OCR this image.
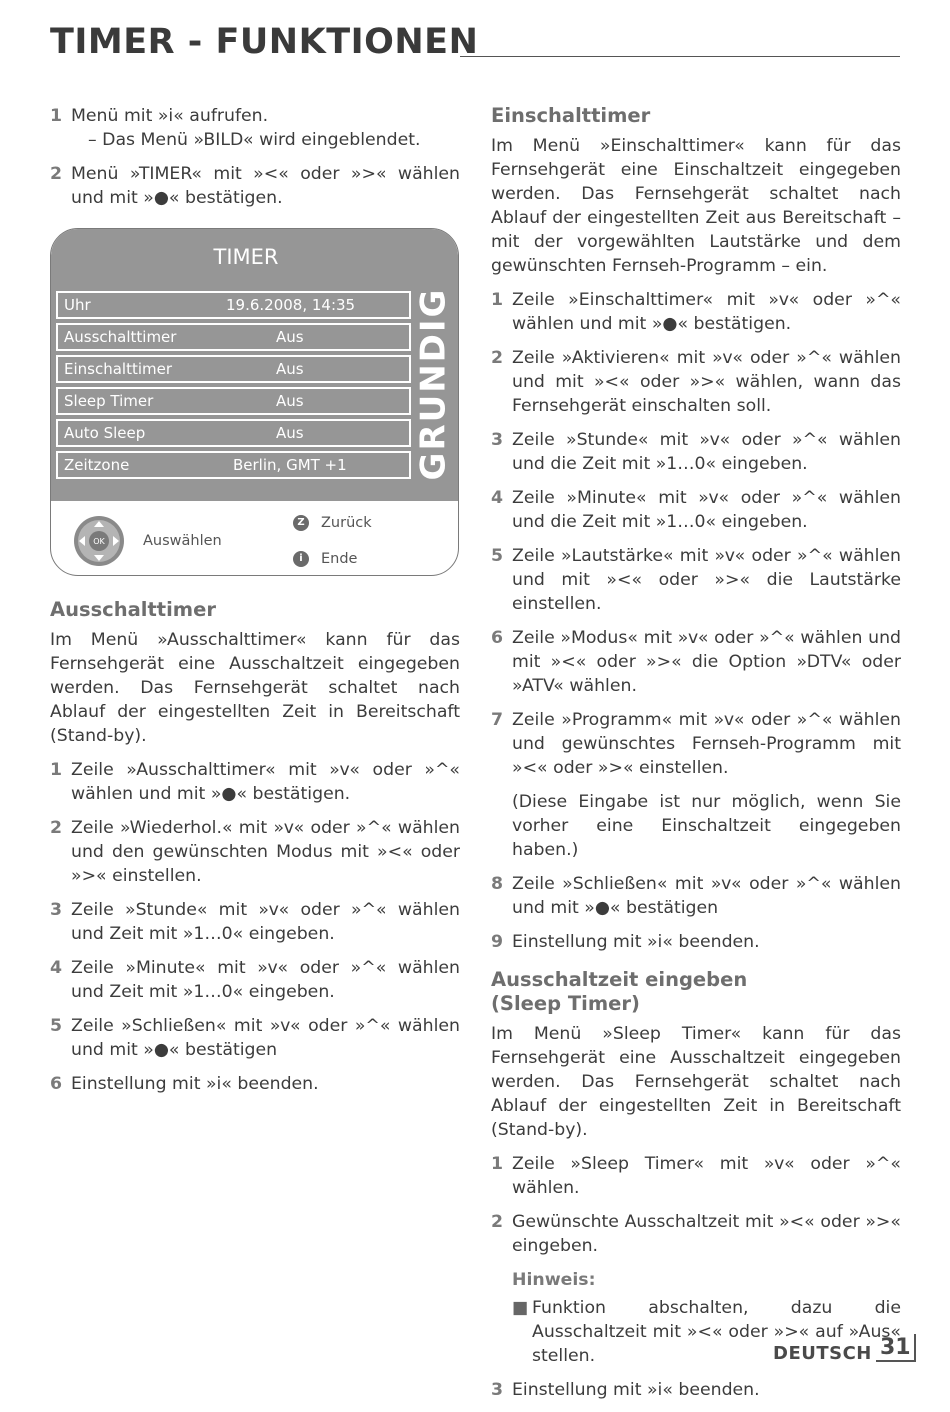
TIMER - FUNKTIONEN
1 Menü mit »i« aufrufen.
– Das Menü »BILD« wird eingeblendet.
2 Menü »TIMER« mit »<« oder »>« wählen und mit »●« bestätigen.
TIMER
Uhr	19.6.2008, 14:35
Ausschalttimer	Aus
Einschalttimer	Aus
Sleep Timer	Aus
Auto Sleep	Aus
Zeitzone	Berlin, GMT +1 GRUNDIG
OK	Auswählen
Z Zurück
i Ende
Ausschalttimer

Im Menü »Ausschalttimer« kann für das Fernsehgerät eine Ausschaltzeit eingegeben werden. Das Fernsehgerät schaltet nach Ablauf der eingestellten Zeit in Bereitschaft (Stand-by).

1 Zeile »Ausschalttimer« mit »v« oder »^« wählen und mit »●« bestätigen.
2 Zeile »Wiederhol.« mit »v« oder »^« wählen und den gewünschten Modus mit »<« oder »>« einstellen.
3 Zeile »Stunde« mit »v« oder »^« wählen und Zeit mit »1…0« eingeben.
4 Zeile »Minute« mit »v« oder »^« wählen und Zeit mit »1…0« eingeben.
5 Zeile »Schließen« mit »v« oder »^« wählen und mit »●« bestätigen
6 Einstellung mit »i« beenden.
Einschalttimer

Im Menü »Einschalttimer« kann für das Fernsehgerät eine Einschaltzeit eingegeben werden. Das Fernsehgerät schaltet nach Ablauf der eingestellten Zeit aus Bereitschaft – mit der vorgewählten Lautstärke und dem gewünschten Fernseh-Programm – ein.

1 Zeile »Einschalttimer« mit »v« oder »^« wählen und mit »●« bestätigen.
2 Zeile »Aktivieren« mit »v« oder »^« wählen und mit »<« oder »>« wählen, wann das Fernsehgerät einschalten soll.
3 Zeile »Stunde« mit »v« oder »^« wählen und die Zeit mit »1…0« eingeben.
4 Zeile »Minute« mit »v« oder »^« wählen und die Zeit mit »1…0« eingeben.
5 Zeile »Lautstärke« mit »v« oder »^« wählen und mit »<« oder »>« die Lautstärke einstellen.
6 Zeile »Modus« mit »v« oder »^« wählen und mit »<« oder »>« die Option »DTV« oder »ATV« wählen.
7 Zeile »Programm« mit »v« oder »^« wählen und gewünschtes Fernseh-Programm mit »<« oder »>« einstellen.

(Diese Eingabe ist nur möglich, wenn Sie vorher eine Einschaltzeit eingegeben haben.)

8 Zeile »Schließen« mit »v« oder »^« wählen und mit »●« bestätigen
9 Einstellung mit »i« beenden.
Ausschaltzeit eingeben
(Sleep Timer)

Im Menü »Sleep Timer« kann für das Fernsehgerät eine Ausschaltzeit eingegeben werden. Das Fernsehgerät schaltet nach Ablauf der eingestellten Zeit in Bereitschaft (Stand-by).

1 Zeile »Sleep Timer« mit »v« oder »^« wählen.
2 Gewünschte Ausschaltzeit mit »<« oder »>« eingeben.
Hinweis:
■ Funktion abschalten, dazu die Ausschaltzeit mit »<« oder »>« auf »Aus« stellen.
3 Einstellung mit »i« beenden.
DEUTSCH 31
